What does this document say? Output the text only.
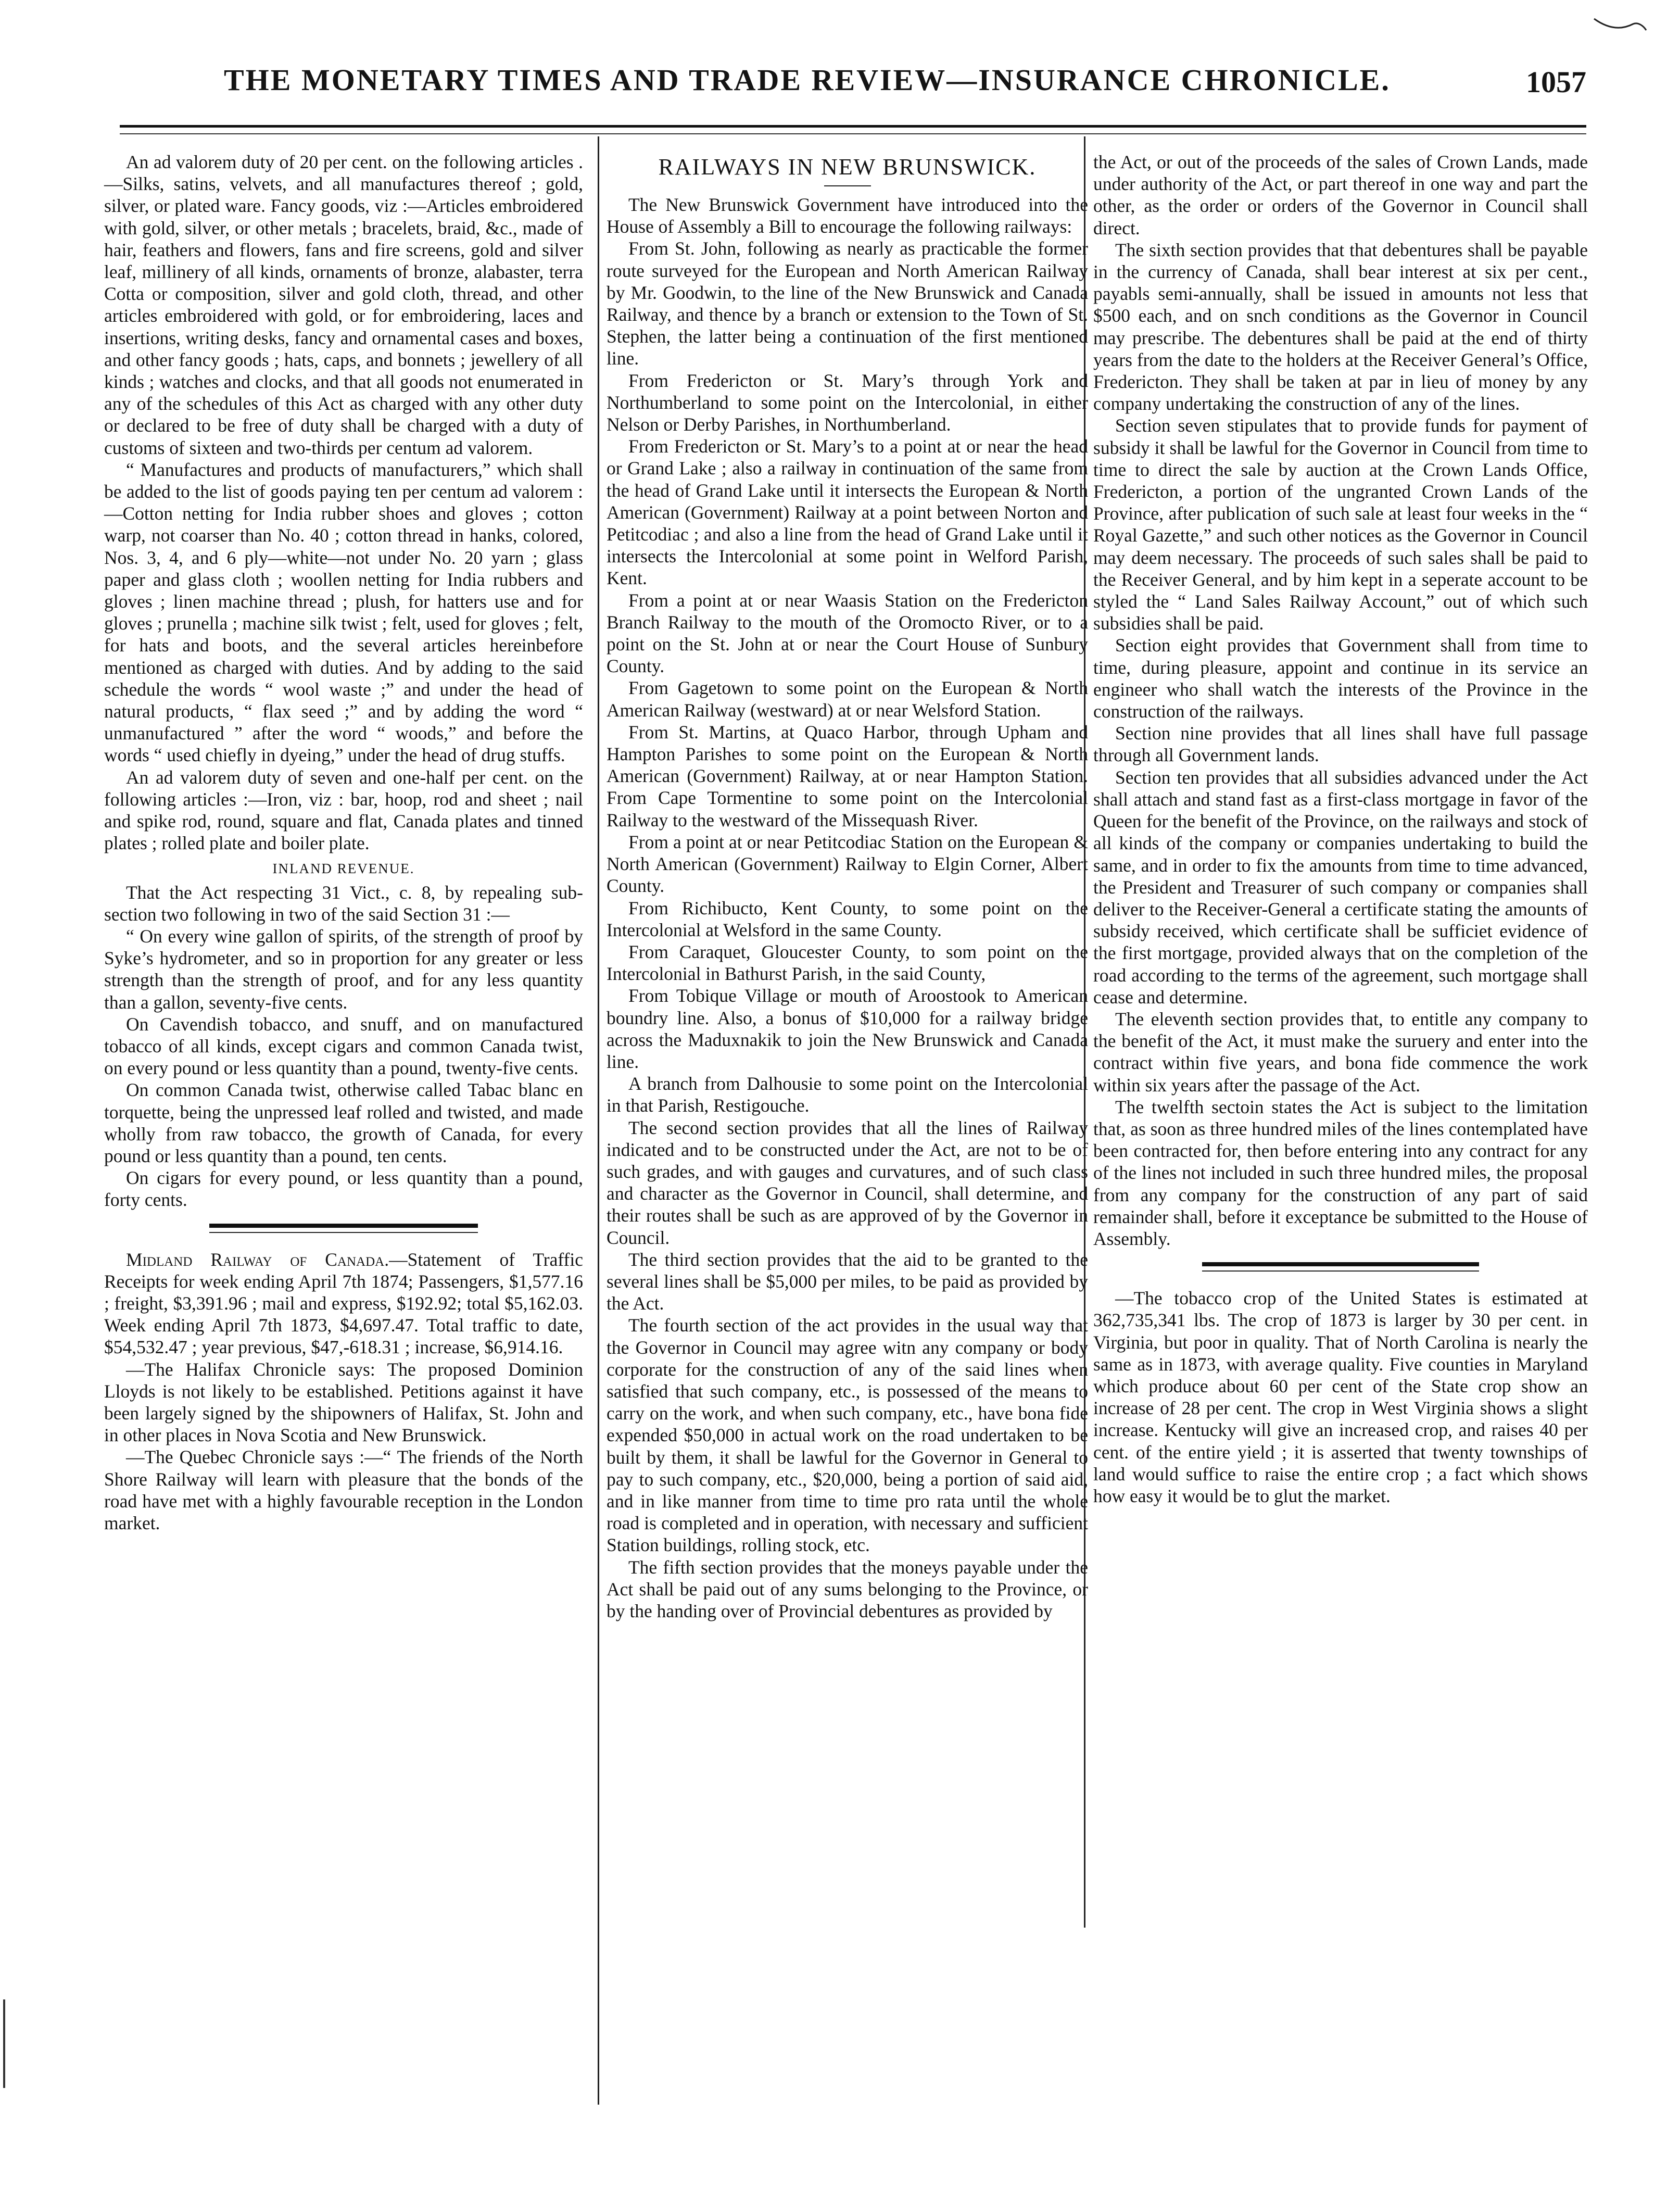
THE MONETARY TIMES AND TRADE REVIEW—INSURANCE CHRONICLE.	1057

An ad valorem duty of 20 per cent. on the following articles .—Silks, satins, velvets, and all manufactures thereof ; gold, silver, or plated ware. Fancy goods, viz :—Articles embroidered with gold, silver, or other metals ; bracelets, braid, &c., made of hair, feathers and flowers, fans and fire screens, gold and silver leaf, millinery of all kinds, ornaments of bronze, alabaster, terra Cotta or composition, silver and gold cloth, thread, and other articles embroidered with gold, or for embroidering, laces and insertions, writing desks, fancy and ornamental cases and boxes, and other fancy goods ; hats, caps, and bonnets ; jewellery of all kinds ; watches and clocks, and that all goods not enumerated in any of the schedules of this Act as charged with any other duty or declared to be free of duty shall be charged with a duty of customs of sixteen and two-thirds per centum ad valorem.

“ Manufactures and products of manufacturers,” which shall be added to the list of goods paying ten per centum ad valorem :—Cotton netting for India rubber shoes and gloves ; cotton warp, not coarser than No. 40 ; cotton thread in hanks, colored, Nos. 3, 4, and 6 ply—white—not under No. 20 yarn ; glass paper and glass cloth ; woollen netting for India rubbers and gloves ; linen machine thread ; plush, for hatters use and for gloves ; prunella ; machine silk twist ; felt, used for gloves ; felt, for hats and boots, and the several articles hereinbefore mentioned as charged with duties. And by adding to the said schedule the words “ wool waste ;” and under the head of natural products, “ flax seed ;” and by adding the word “ unmanufactured ” after the word “ woods,” and before the words “ used chiefly in dyeing,” under the head of drug stuffs.

An ad valorem duty of seven and one-half per cent. on the following articles :—Iron, viz : bar, hoop, rod and sheet ; nail and spike rod, round, square and flat, Canada plates and tinned plates ; rolled plate and boiler plate.

INLAND REVENUE.

That the Act respecting 31 Vict., c. 8, by repealing sub-section two following in two of the said Section 31 :—

“ On every wine gallon of spirits, of the strength of proof by Syke’s hydrometer, and so in proportion for any greater or less strength than the strength of proof, and for any less quantity than a gallon, seventy-five cents.

On Cavendish tobacco, and snuff, and on manufactured tobacco of all kinds, except cigars and common Canada twist, on every pound or less quantity than a pound, twenty-five cents.

On common Canada twist, otherwise called Tabac blanc en torquette, being the unpressed leaf rolled and twisted, and made wholly from raw tobacco, the growth of Canada, for every pound or less quantity than a pound, ten cents.

On cigars for every pound, or less quantity than a pound, forty cents.

Midland Railway of Canada.—Statement of Traffic Receipts for week ending April 7th 1874; Passengers, $1,577.16 ; freight, $3,391.96 ; mail and express, $192.92; total $5,162.03. Week ending April 7th 1873, $4,697.47. Total traffic to date, $54,532.47 ; year previous, $47,-618.31 ; increase, $6,914.16.

—The Halifax Chronicle says: The proposed Dominion Lloyds is not likely to be established. Petitions against it have been largely signed by the shipowners of Halifax, St. John and in other places in Nova Scotia and New Brunswick.

—The Quebec Chronicle says :—“ The friends of the North Shore Railway will learn with pleasure that the bonds of the road have met with a highly favourable reception in the London market.

RAILWAYS IN NEW BRUNSWICK.

The New Brunswick Government have introduced into the House of Assembly a Bill to encourage the following railways:

From St. John, following as nearly as practicable the former route surveyed for the European and North American Railway by Mr. Goodwin, to the line of the New Brunswick and Canada Railway, and thence by a branch or extension to the Town of St. Stephen, the latter being a continuation of the first mentioned line.

From Fredericton or St. Mary’s through York and Northumberland to some point on the Intercolonial, in either Nelson or Derby Parishes, in Northumberland.

From Fredericton or St. Mary’s to a point at or near the head or Grand Lake ; also a railway in continuation of the same from the head of Grand Lake until it intersects the European & North American (Government) Railway at a point between Norton and Petitcodiac ; and also a line from the head of Grand Lake until it intersects the Intercolonial at some point in Welford Parish, Kent.

From a point at or near Waasis Station on the Fredericton Branch Railway to the mouth of the Oromocto River, or to a point on the St. John at or near the Court House of Sunbury County.

From Gagetown to some point on the European & North American Railway (westward) at or near Welsford Station.

From St. Martins, at Quaco Harbor, through Upham and Hampton Parishes to some point on the European & North American (Government) Railway, at or near Hampton Station. From Cape Tormentine to some point on the Intercolonial Railway to the westward of the Missequash River.

From a point at or near Petitcodiac Station on the European & North American (Government) Railway to Elgin Corner, Albert County.

From Richibucto, Kent County, to some point on the Intercolonial at Welsford in the same County.

From Caraquet, Gloucester County, to som point on the Intercolonial in Bathurst Parish, in the said County,

From Tobique Village or mouth of Aroostook to American boundry line. Also, a bonus of $10,000 for a railway bridge across the Maduxnakik to join the New Brunswick and Canada line.

A branch from Dalhousie to some point on the Intercolonial in that Parish, Restigouche.

The second section provides that all the lines of Railway indicated and to be constructed under the Act, are not to be of such grades, and with gauges and curvatures, and of such class and character as the Governor in Council, shall determine, and their routes shall be such as are approved of by the Governor in Council.

The third section provides that the aid to be granted to the several lines shall be $5,000 per miles, to be paid as provided by the Act.

The fourth section of the act provides in the usual way that the Governor in Council may agree witn any company or body corporate for the construction of any of the said lines when satisfied that such company, etc., is possessed of the means to carry on the work, and when such company, etc., have bona fide expended $50,000 in actual work on the road undertaken to be built by them, it shall be lawful for the Governor in General to pay to such company, etc., $20,000, being a portion of said aid, and in like manner from time to time pro rata until the whole road is completed and in operation, with necessary and sufficient Station buildings, rolling stock, etc.

The fifth section provides that the moneys payable under the Act shall be paid out of any sums belonging to the Province, or by the handing over of Provincial debentures as provided by

the Act, or out of the proceeds of the sales of Crown Lands, made under authority of the Act, or part thereof in one way and part the other, as the order or orders of the Governor in Council shall direct.

The sixth section provides that that debentures shall be payable in the currency of Canada, shall bear interest at six per cent., payabls semi-annually, shall be issued in amounts not less that $500 each, and on snch conditions as the Governor in Council may prescribe. The debentures shall be paid at the end of thirty years from the date to the holders at the Receiver General’s Office, Fredericton. They shall be taken at par in lieu of money by any company undertaking the construction of any of the lines.

Section seven stipulates that to provide funds for payment of subsidy it shall be lawful for the Governor in Council from time to time to direct the sale by auction at the Crown Lands Office, Fredericton, a portion of the ungranted Crown Lands of the Province, after publication of such sale at least four weeks in the “ Royal Gazette,” and such other notices as the Governor in Council may deem necessary. The proceeds of such sales shall be paid to the Receiver General, and by him kept in a seperate account to be styled the “ Land Sales Railway Account,” out of which such subsidies shall be paid.

Section eight provides that Government shall from time to time, during pleasure, appoint and continue in its service an engineer who shall watch the interests of the Province in the construction of the railways.

Section nine provides that all lines shall have full passage through all Government lands.

Section ten provides that all subsidies advanced under the Act shall attach and stand fast as a first-class mortgage in favor of the Queen for the benefit of the Province, on the railways and stock of all kinds of the company or companies undertaking to build the same, and in order to fix the amounts from time to time advanced, the President and Treasurer of such company or companies shall deliver to the Receiver-General a certificate stating the amounts of subsidy received, which certificate shall be sufficiet evidence of the first mortgage, provided always that on the completion of the road according to the terms of the agreement, such mortgage shall cease and determine.

The eleventh section provides that, to entitle any company to the benefit of the Act, it must make the suruery and enter into the contract within five years, and bona fide commence the work within six years after the passage of the Act.

The twelfth sectoin states the Act is subject to the limitation that, as soon as three hundred miles of the lines contemplated have been contracted for, then before entering into any contract for any of the lines not included in such three hundred miles, the proposal from any company for the construction of any part of said remainder shall, before it exceptance be submitted to the House of Assembly.

—The tobacco crop of the United States is estimated at 362,735,341 lbs. The crop of 1873 is larger by 30 per cent. in Virginia, but poor in quality. That of North Carolina is nearly the same as in 1873, with average quality. Five counties in Maryland which produce about 60 per cent of the State crop show an increase of 28 per cent. The crop in West Virginia shows a slight increase. Kentucky will give an increased crop, and raises 40 per cent. of the entire yield ; it is asserted that twenty townships of land would suffice to raise the entire crop ; a fact which shows how easy it would be to glut the market.
